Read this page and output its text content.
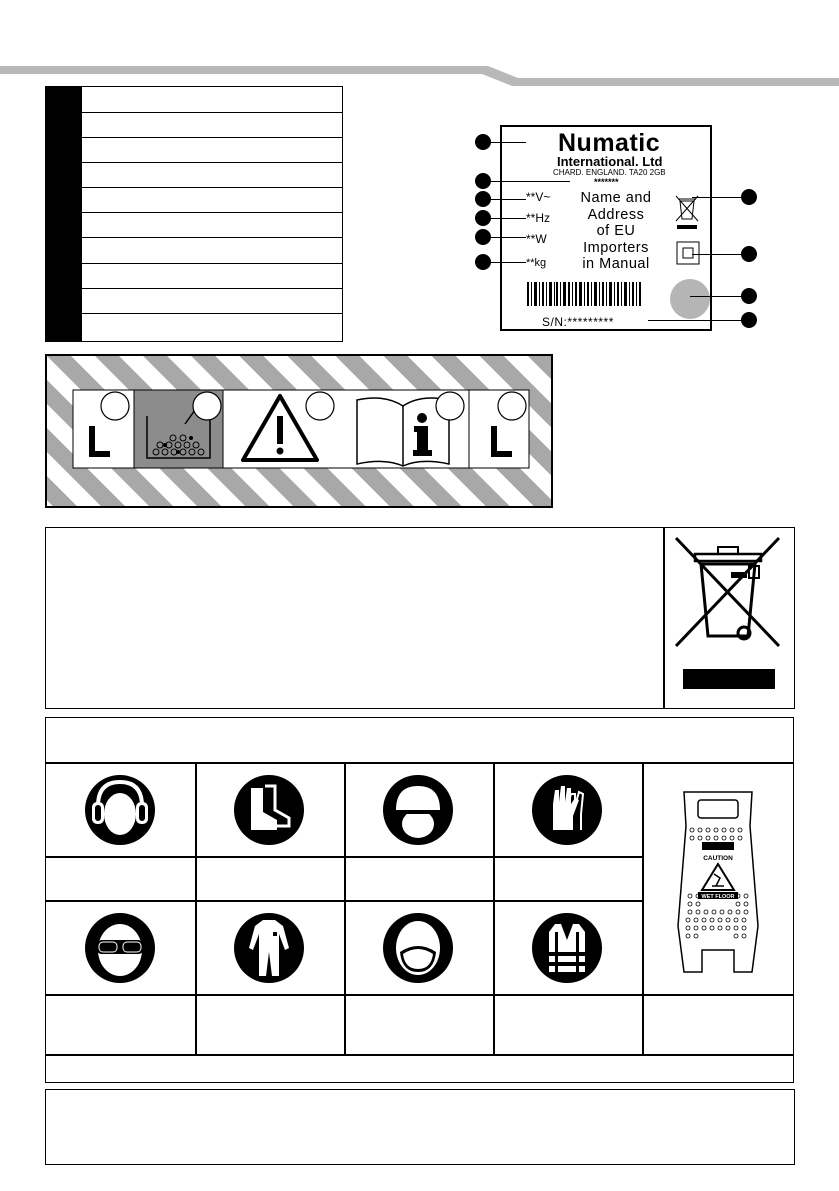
Numatic
International. Ltd
CHARD. ENGLAND. TA20 2GB
*******
**V~
**Hz
**W
**kg
Name and
Address
of EU
Importers
in Manual
S/N:*********
CAUTION
WET FLOOR
